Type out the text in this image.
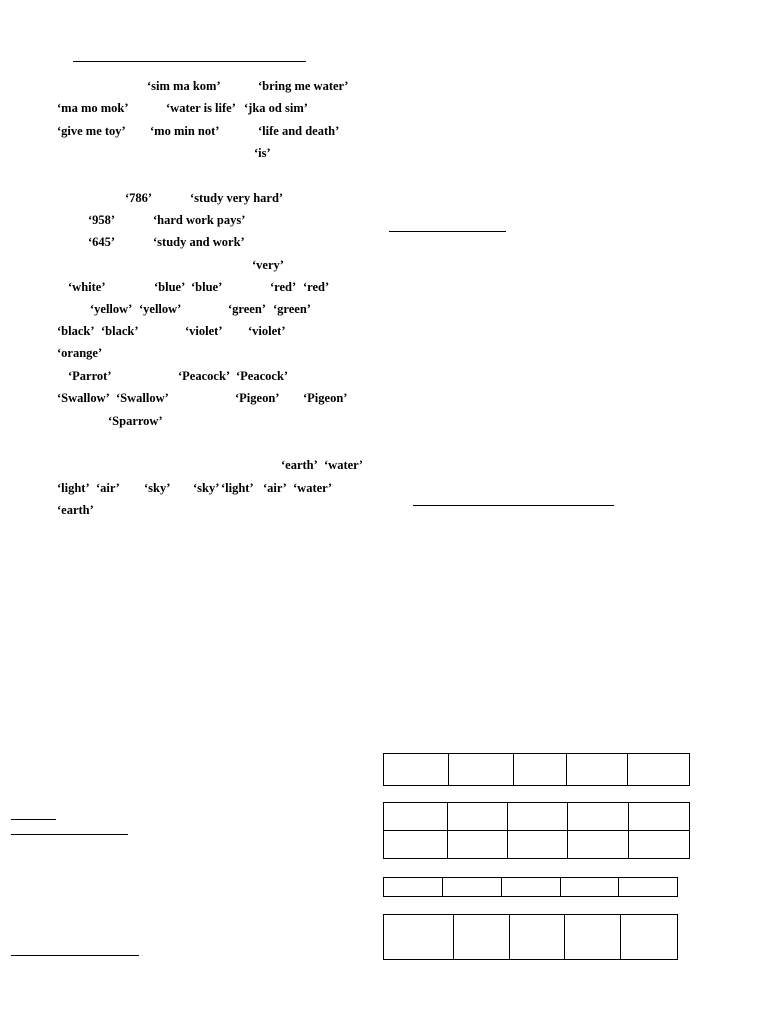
‘sim ma kom’	‘bring me water’
‘ma mo mok’	‘water is life’ ‘jka od sim’
‘give me toy’ ‘mo min not’	‘life and death’
‘is’
‘786’	‘study very hard’
‘958’	‘hard work pays’
‘645’	‘study and work’
‘very’
‘white’	‘blue’ ‘blue’	‘red’ ‘red’
‘yellow’ ‘yellow’	‘green’ ‘green’
‘black’ ‘black’	‘violet’ ‘violet’
‘orange’
‘Parrot’	‘Peacock’ ‘Peacock’
‘Swallow’ ‘Swallow’	‘Pigeon’ ‘Pigeon’
‘Sparrow’
‘earth’ ‘water’
‘light’ ‘air’ ‘sky’ ‘sky’ ‘light’ ‘air’ ‘water’
‘earth’
